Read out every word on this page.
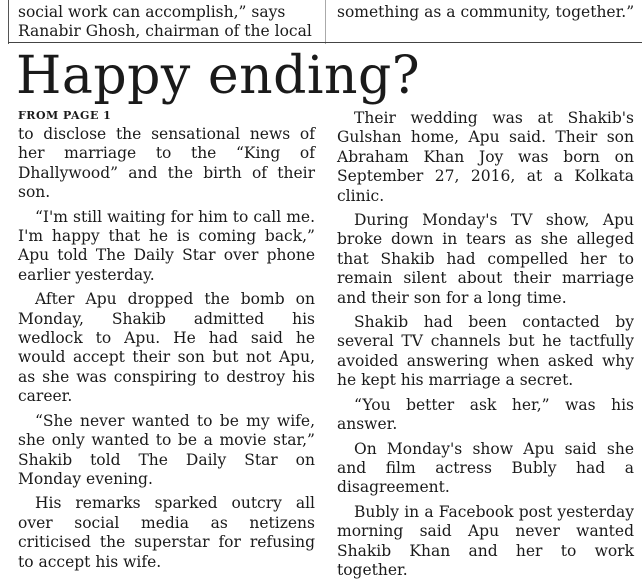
social work can accomplish,” says
Ranabir Ghosh, chairman of the local
something as a community, together.”
Happy ending?
FROM PAGE 1

to disclose the sensational news of her marriage to the “King of Dhallywood” and the birth of their son.

“I'm still waiting for him to call me. I'm happy that he is coming back,” Apu told The Daily Star over phone earlier yesterday.

After Apu dropped the bomb on Monday, Shakib admitted his wedlock to Apu. He had said he would accept their son but not Apu, as she was conspiring to destroy his career.

“She never wanted to be my wife, she only wanted to be a movie star,” Shakib told The Daily Star on Monday evening.

His remarks sparked outcry all over social media as netizens criticised the superstar for refusing to accept his wife.

Their wedding was at Shakib's Gulshan home, Apu said. Their son Abraham Khan Joy was born on September 27, 2016, at a Kolkata clinic.

During Monday's TV show, Apu broke down in tears as she alleged that Shakib had compelled her to remain silent about their marriage and their son for a long time.

Shakib had been contacted by several TV channels but he tactfully avoided answering when asked why he kept his marriage a secret.

“You better ask her,” was his answer.

On Monday's show Apu said she and film actress Bubly had a disagreement.

Bubly in a Facebook post yesterday morning said Apu never wanted Shakib Khan and her to work together.
